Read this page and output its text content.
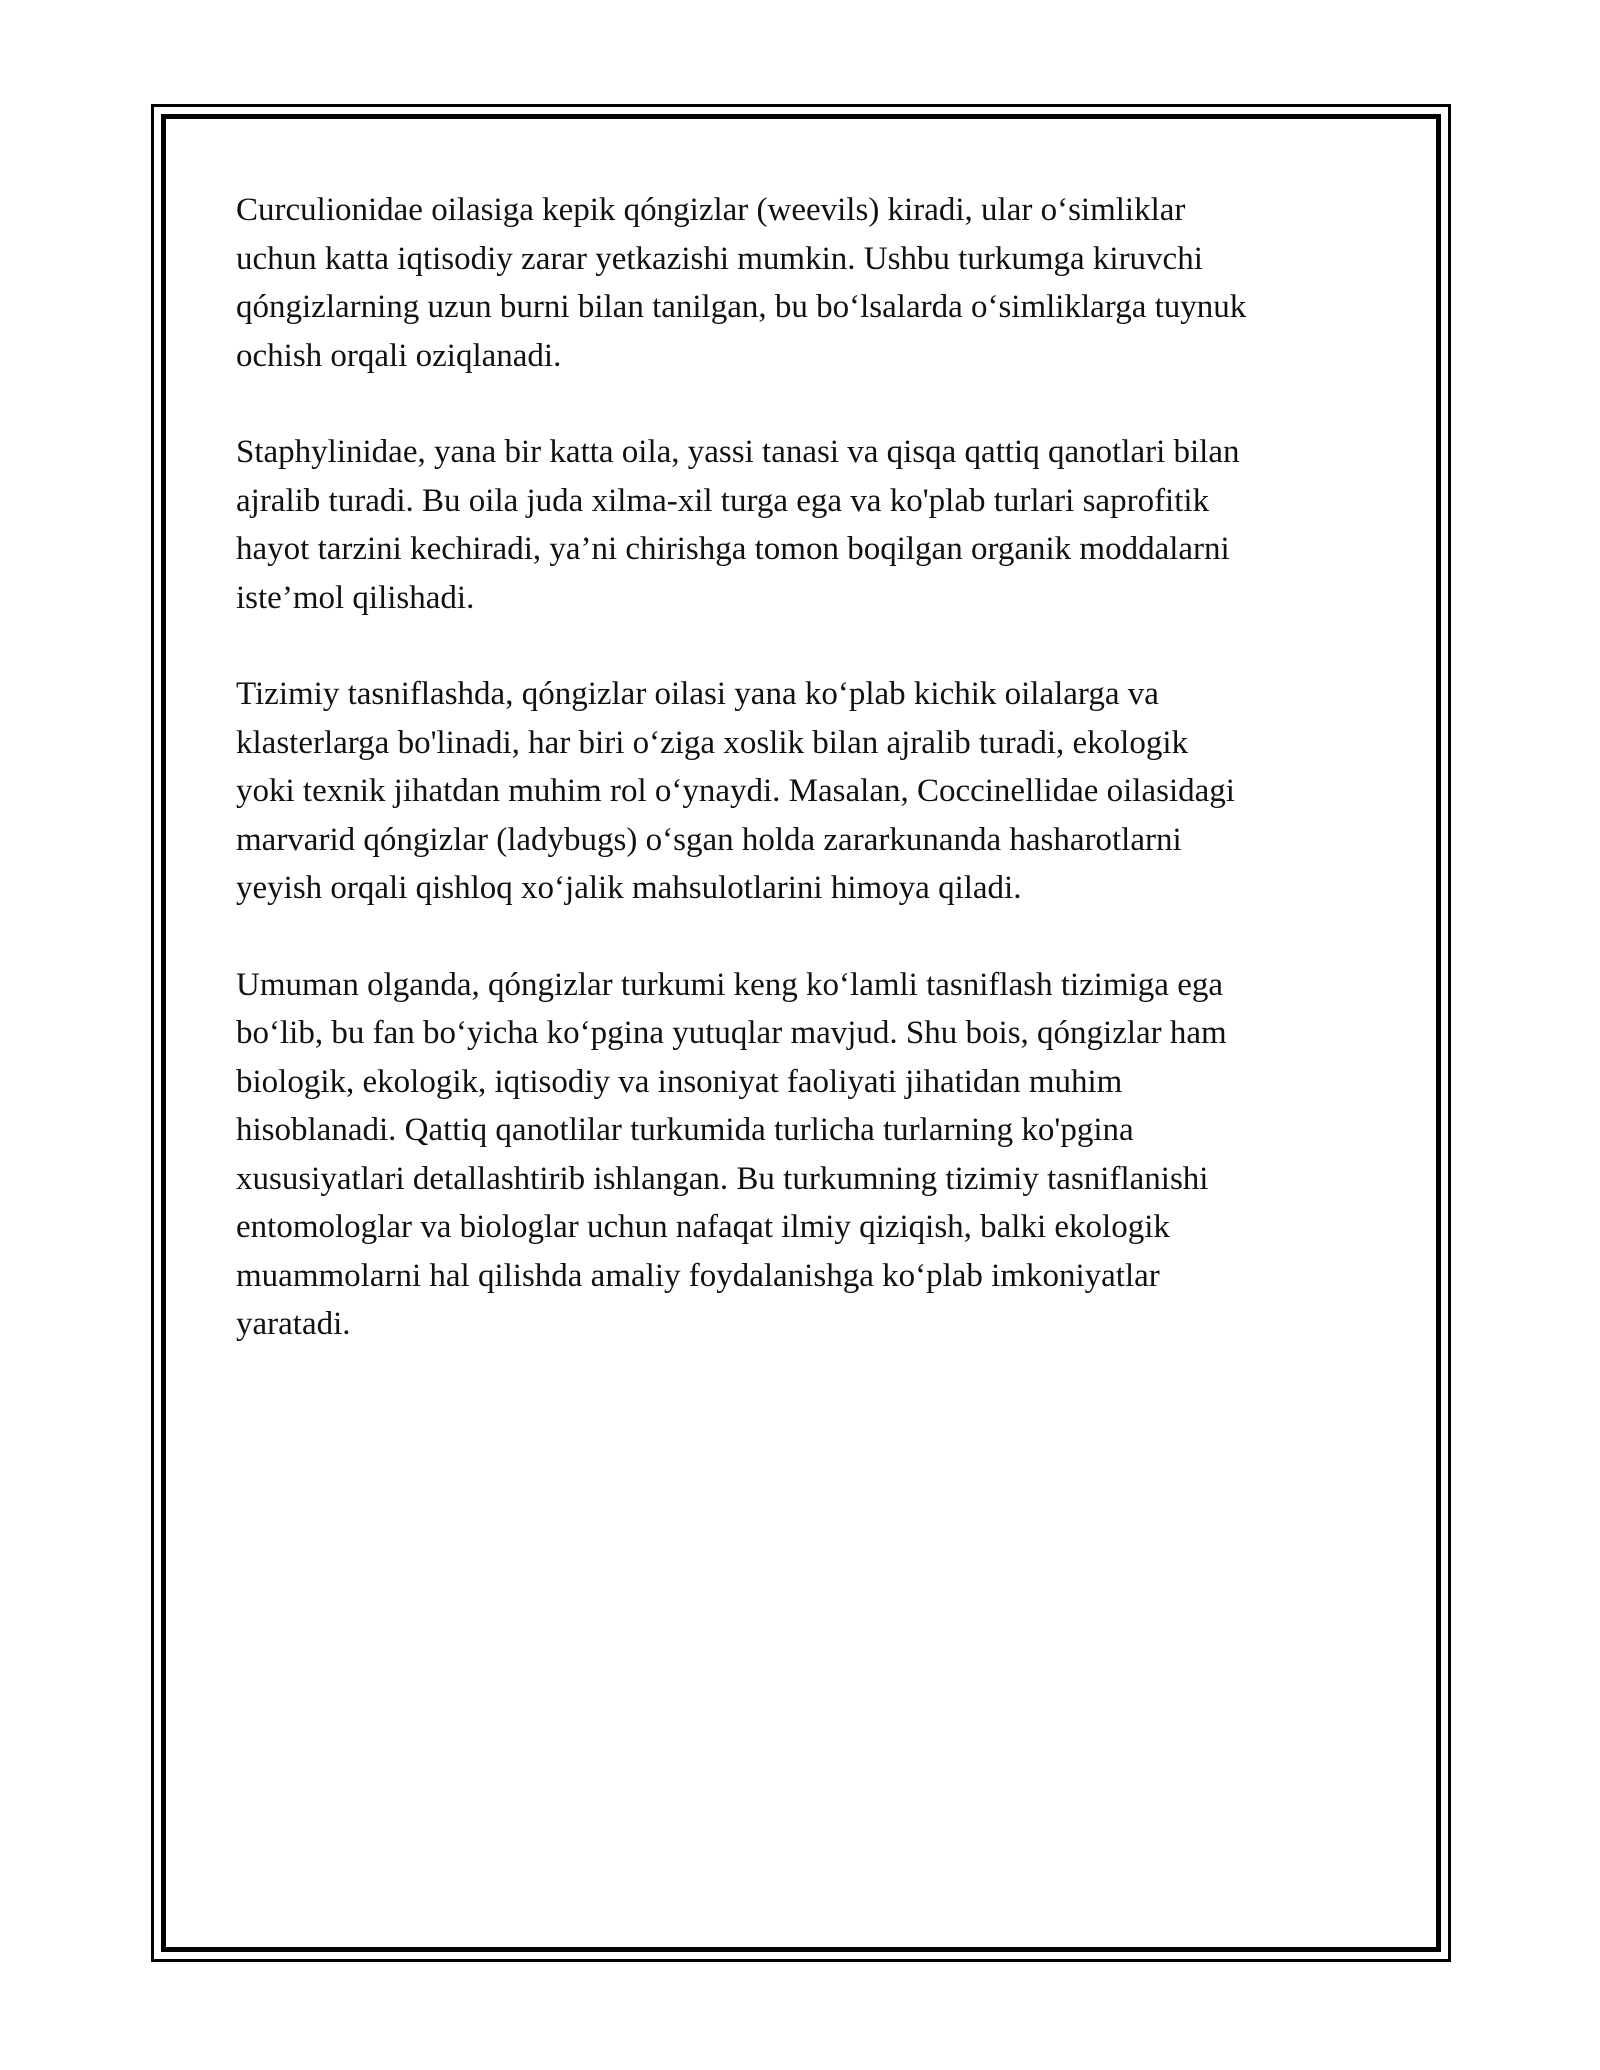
Curculionidae oilasiga kepik qóngizlar (weevils) kiradi, ular o‘simliklar
uchun katta iqtisodiy zarar yetkazishi mumkin. Ushbu turkumga kiruvchi
qóngizlarning uzun burni bilan tanilgan, bu bo‘lsalarda o‘simliklarga tuynuk
ochish orqali oziqlanadi.

Staphylinidae, yana bir katta oila, yassi tanasi va qisqa qattiq qanotlari bilan
ajralib turadi. Bu oila juda xilma-xil turga ega va ko'plab turlari saprofitik
hayot tarzini kechiradi, ya’ni chirishga tomon boqilgan organik moddalarni
iste’mol qilishadi.

Tizimiy tasniflashda, qóngizlar oilasi yana ko‘plab kichik oilalarga va
klasterlarga bo'linadi, har biri o‘ziga xoslik bilan ajralib turadi, ekologik
yoki texnik jihatdan muhim rol o‘ynaydi. Masalan, Coccinellidae oilasidagi
marvarid qóngizlar (ladybugs) o‘sgan holda zararkunanda hasharotlarni
yeyish orqali qishloq xo‘jalik mahsulotlarini himoya qiladi.

Umuman olganda, qóngizlar turkumi keng ko‘lamli tasniflash tizimiga ega
bo‘lib, bu fan bo‘yicha ko‘pgina yutuqlar mavjud. Shu bois, qóngizlar ham
biologik, ekologik, iqtisodiy va insoniyat faoliyati jihatidan muhim
hisoblanadi. Qattiq qanotlilar turkumida turlicha turlarning ko'pgina
xususiyatlari detallashtirib ishlangan. Bu turkumning tizimiy tasniflanishi
entomologlar va biologlar uchun nafaqat ilmiy qiziqish, balki ekologik
muammolarni hal qilishda amaliy foydalanishga ko‘plab imkoniyatlar
yaratadi.
